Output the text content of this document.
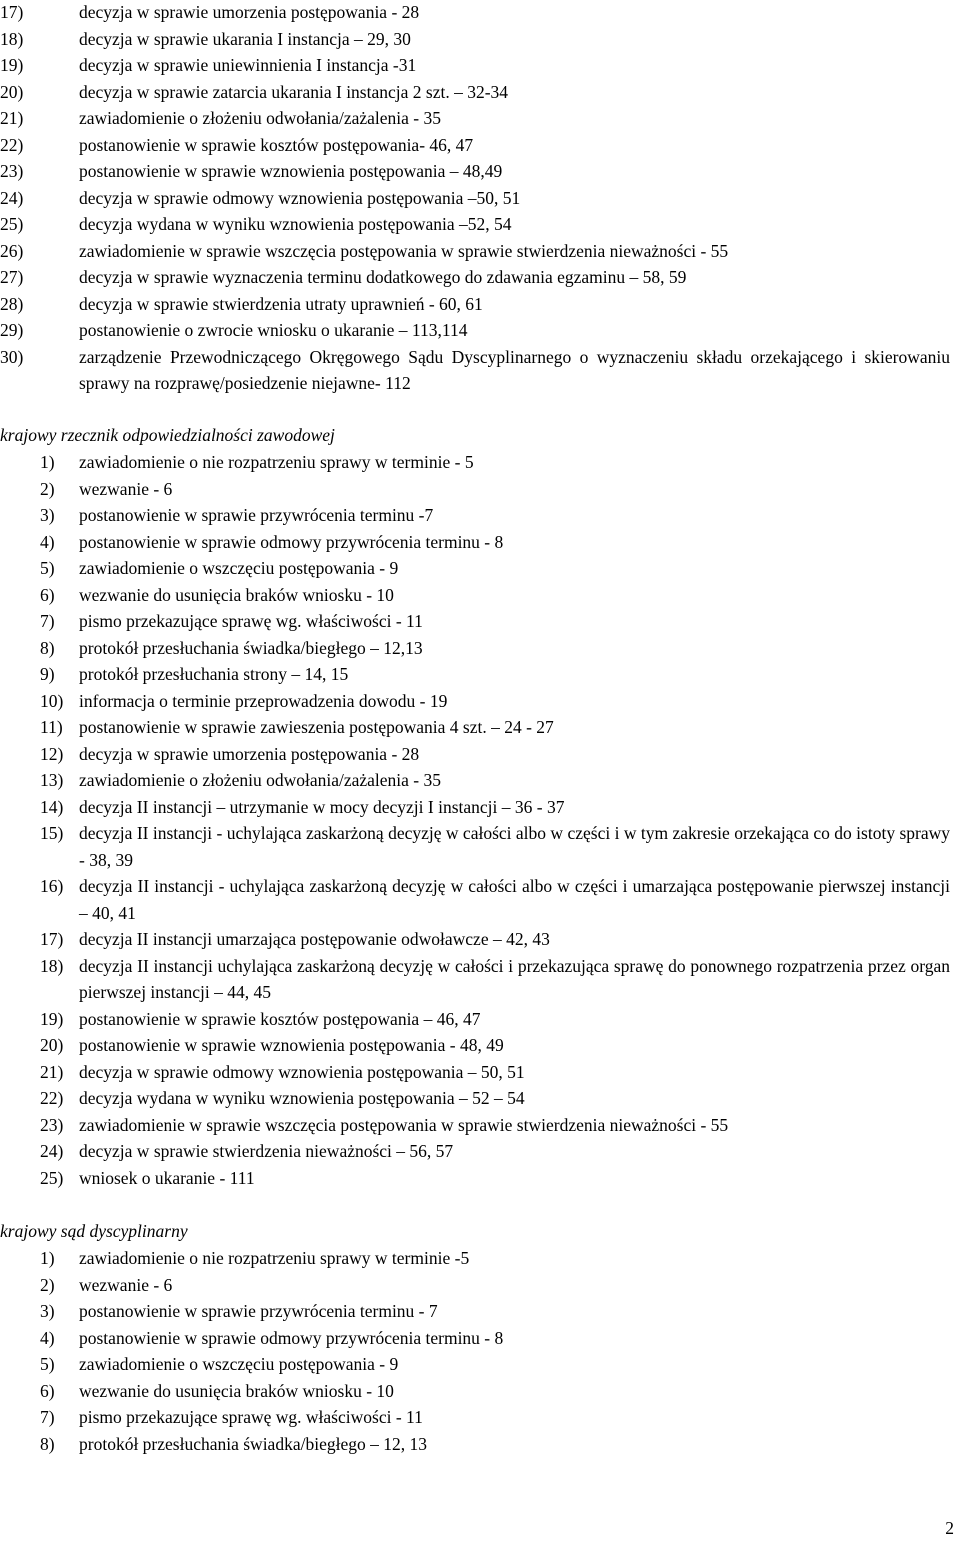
17)	decyzja w sprawie umorzenia postępowania - 28
18)	decyzja w sprawie ukarania I instancja – 29, 30
19)	decyzja w sprawie uniewinnienia I instancja -31
20)	decyzja w sprawie zatarcia ukarania I instancja 2 szt. – 32-34
21)	zawiadomienie o złożeniu odwołania/zażalenia - 35
22)	postanowienie w sprawie kosztów postępowania- 46, 47
23)	postanowienie w sprawie wznowienia postępowania – 48,49
24)	decyzja w sprawie odmowy wznowienia postępowania –50, 51
25)	decyzja wydana w wyniku wznowienia postępowania –52, 54
26)	zawiadomienie w sprawie wszczęcia postępowania w sprawie stwierdzenia nieważności - 55
27)	decyzja w sprawie wyznaczenia terminu dodatkowego do zdawania egzaminu – 58, 59
28)	decyzja w sprawie stwierdzenia utraty uprawnień - 60, 61
29)	postanowienie o zwrocie wniosku o ukaranie – 113,114
30)	zarządzenie Przewodniczącego Okręgowego Sądu Dyscyplinarnego o wyznaczeniu składu orzekającego i skierowaniu sprawy na rozprawę/posiedzenie niejawne- 112

krajowy rzecznik odpowiedzialności zawodowej

1) zawiadomienie o nie rozpatrzeniu sprawy w terminie - 5
2) wezwanie - 6
3) postanowienie w sprawie przywrócenia terminu -7
4) postanowienie w sprawie odmowy przywrócenia terminu - 8
5) zawiadomienie o wszczęciu postępowania - 9
6) wezwanie do usunięcia braków wniosku - 10
7) pismo przekazujące sprawę wg. właściwości - 11
8) protokół przesłuchania świadka/biegłego – 12,13
9) protokół przesłuchania strony – 14, 15
10) informacja o terminie przeprowadzenia dowodu - 19
11) postanowienie w sprawie zawieszenia postępowania 4 szt. – 24 - 27
12) decyzja w sprawie umorzenia postępowania - 28
13) zawiadomienie o złożeniu odwołania/zażalenia - 35
14) decyzja II instancji – utrzymanie w mocy decyzji I instancji – 36 - 37
15) decyzja II instancji - uchylająca zaskarżoną decyzję w całości albo w części i w tym zakresie orzekająca co do istoty sprawy - 38, 39
16) decyzja II instancji - uchylająca zaskarżoną decyzję w całości albo w części i umarzająca postępowanie pierwszej instancji – 40, 41
17) decyzja II instancji umarzająca postępowanie odwoławcze – 42, 43
18) decyzja II instancji uchylająca zaskarżoną decyzję w całości i przekazująca sprawę do ponownego rozpatrzenia przez organ pierwszej instancji – 44, 45
19) postanowienie w sprawie kosztów postępowania – 46, 47
20) postanowienie w sprawie wznowienia postępowania - 48, 49
21) decyzja w sprawie odmowy wznowienia postępowania – 50, 51
22) decyzja wydana w wyniku wznowienia postępowania – 52 – 54
23) zawiadomienie w sprawie wszczęcia postępowania w sprawie stwierdzenia nieważności - 55
24) decyzja w sprawie stwierdzenia nieważności – 56, 57
25) wniosek o ukaranie - 111

krajowy sąd dyscyplinarny

1) zawiadomienie o nie rozpatrzeniu sprawy w terminie -5
2) wezwanie - 6
3) postanowienie w sprawie przywrócenia terminu - 7
4) postanowienie w sprawie odmowy przywrócenia terminu - 8
5) zawiadomienie o wszczęciu postępowania - 9
6) wezwanie do usunięcia braków wniosku - 10
7) pismo przekazujące sprawę wg. właściwości - 11
8) protokół przesłuchania świadka/biegłego – 12, 13
2
